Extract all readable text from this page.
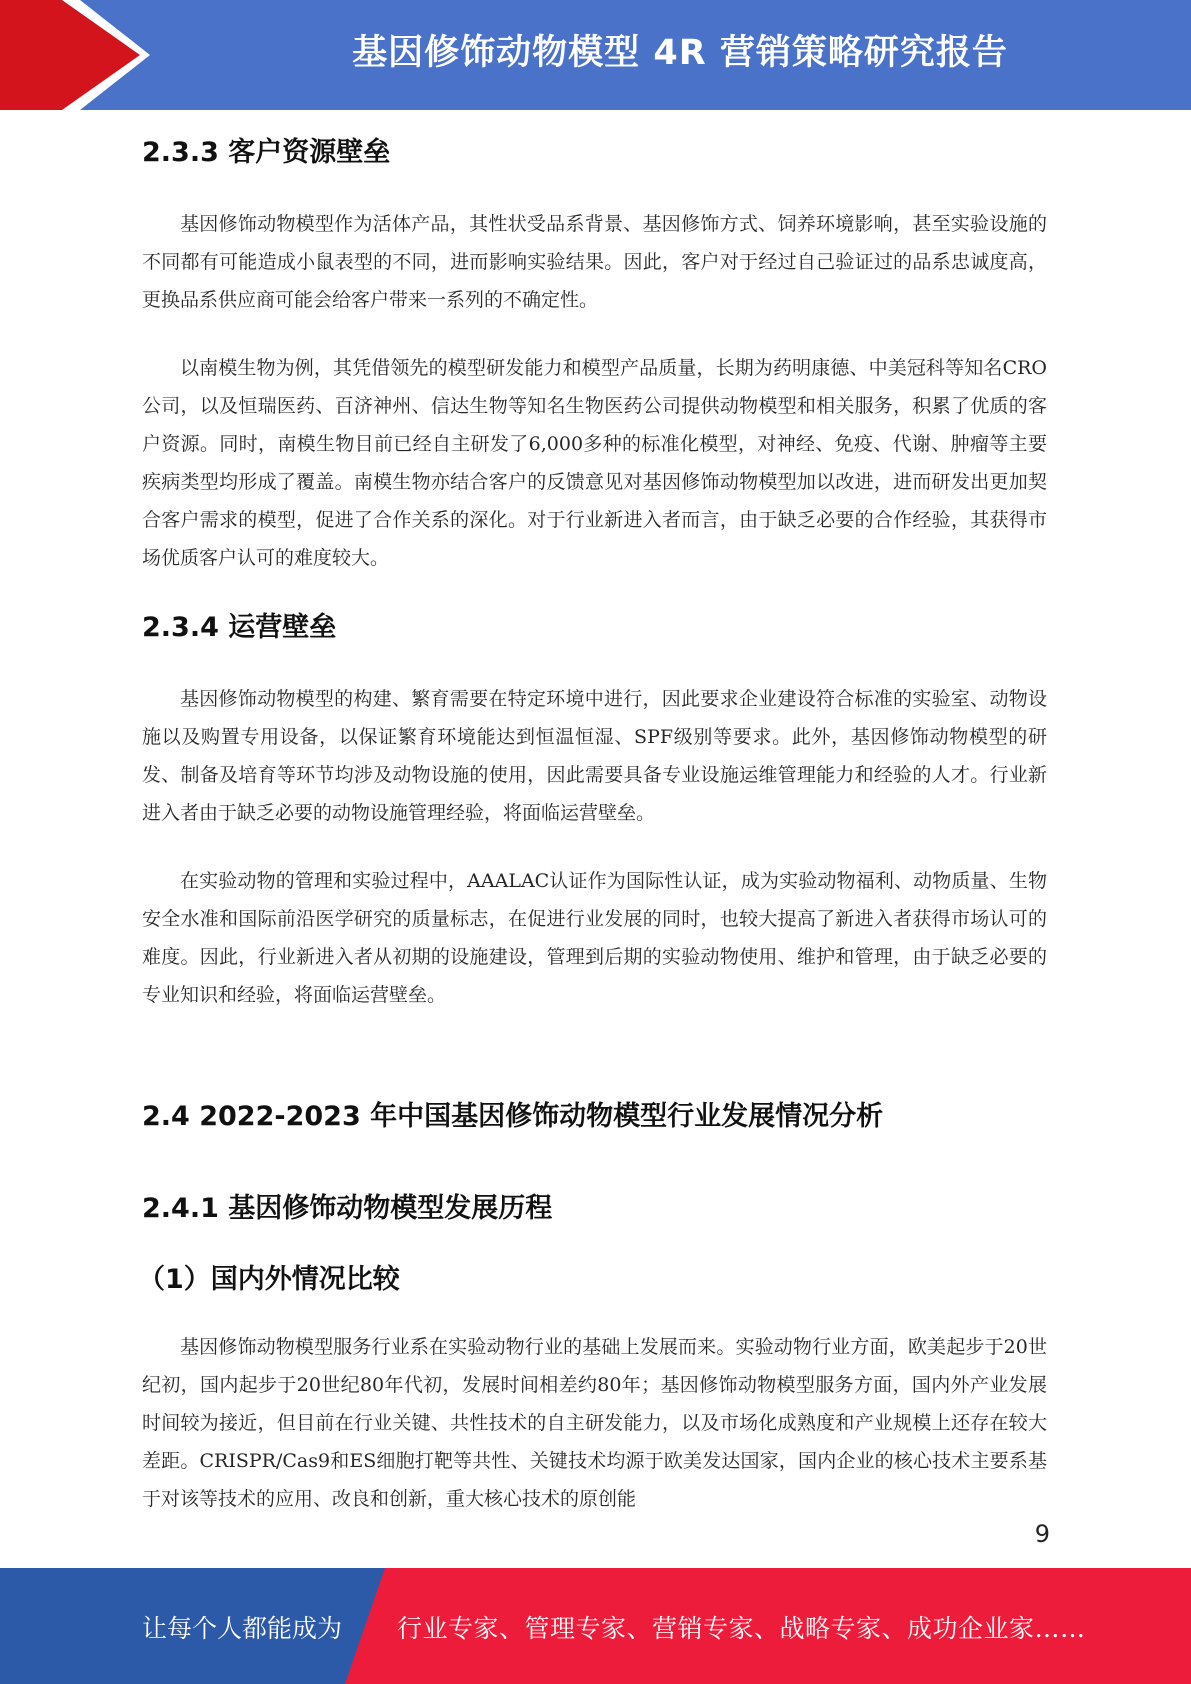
基因修饰动物模型 4R 营销策略研究报告
2.3.3 客户资源壁垒

基因修饰动物模型作为活体产品，其性状受品系背景、基因修饰方式、饲养环境影响，甚至实验设施的不同都有可能造成小鼠表型的不同，进而影响实验结果。因此，客户对于经过自己验证过的品系忠诚度高，更换品系供应商可能会给客户带来一系列的不确定性。

以南模生物为例，其凭借领先的模型研发能力和模型产品质量，长期为药明康德、中美冠科等知名CRO公司，以及恒瑞医药、百济神州、信达生物等知名生物医药公司提供动物模型和相关服务，积累了优质的客户资源。同时，南模生物目前已经自主研发了6,000多种的标准化模型，对神经、免疫、代谢、肿瘤等主要疾病类型均形成了覆盖。南模生物亦结合客户的反馈意见对基因修饰动物模型加以改进，进而研发出更加契合客户需求的模型，促进了合作关系的深化。对于行业新进入者而言，由于缺乏必要的合作经验，其获得市场优质客户认可的难度较大。

2.3.4 运营壁垒

基因修饰动物模型的构建、繁育需要在特定环境中进行，因此要求企业建设符合标准的实验室、动物设施以及购置专用设备，以保证繁育环境能达到恒温恒湿、SPF级别等要求。此外，基因修饰动物模型的研发、制备及培育等环节均涉及动物设施的使用，因此需要具备专业设施运维管理能力和经验的人才。行业新进入者由于缺乏必要的动物设施管理经验，将面临运营壁垒。

在实验动物的管理和实验过程中，AAALAC认证作为国际性认证，成为实验动物福利、动物质量、生物安全水准和国际前沿医学研究的质量标志，在促进行业发展的同时，也较大提高了新进入者获得市场认可的难度。因此，行业新进入者从初期的设施建设，管理到后期的实验动物使用、维护和管理，由于缺乏必要的专业知识和经验，将面临运营壁垒。

2.4 2022-2023 年中国基因修饰动物模型行业发展情况分析
2.4.1 基因修饰动物模型发展历程
（1）国内外情况比较

基因修饰动物模型服务行业系在实验动物行业的基础上发展而来。实验动物行业方面，欧美起步于20世纪初，国内起步于20世纪80年代初，发展时间相差约80年；基因修饰动物模型服务方面，国内外产业发展时间较为接近，但目前在行业关键、共性技术的自主研发能力，以及市场化成熟度和产业规模上还存在较大差距。CRISPR/Cas9和ES细胞打靶等共性、关键技术均源于欧美发达国家，国内企业的核心技术主要系基于对该等技术的应用、改良和创新，重大核心技术的原创能

9
让每个人都能成为 行业专家、管理专家、营销专家、战略专家、成功企业家……
